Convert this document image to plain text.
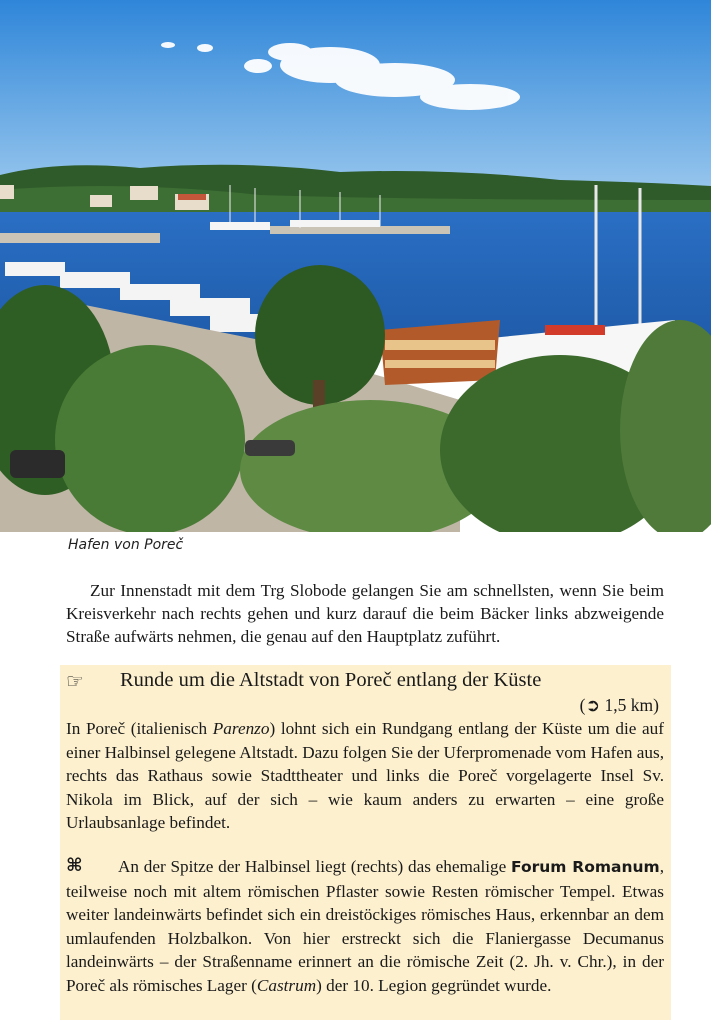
Hafen von Poreč

Zur Innenstadt mit dem Trg Slobode gelangen Sie am schnellsten, wenn Sie beim Kreisverkehr nach rechts gehen und kurz darauf die beim Bäcker links abzweigende Straße aufwärts nehmen, die genau auf den Hauptplatz zuführt.

☞ Runde um die Altstadt von Poreč entlang der Küste
(➲ 1,5 km)

In Poreč (italienisch Parenzo) lohnt sich ein Rundgang entlang der Küste um die auf einer Halbinsel gelegene Altstadt. Dazu folgen Sie der Uferpromenade vom Hafen aus, rechts das Rathaus sowie Stadttheater und links die Poreč vorgelagerte Insel Sv. Nikola im Blick, auf der sich – wie kaum anders zu erwarten – eine große Urlaubsanlage befindet.

⌘	An der Spitze der Halbinsel liegt (rechts) das ehemalige Forum Romanum, teilweise noch mit altem römischen Pflaster sowie Resten römischer Tempel. Etwas weiter landeinwärts befindet sich ein dreistöckiges römisches Haus, erkennbar an dem umlaufenden Holzbalkon. Von hier erstreckt sich die Flaniergasse Decumanus landeinwärts – der Straßenname erinnert an die römische Zeit (2. Jh. v. Chr.), in der Poreč als römisches Lager (Castrum) der 10. Legion gegründet wurde.
